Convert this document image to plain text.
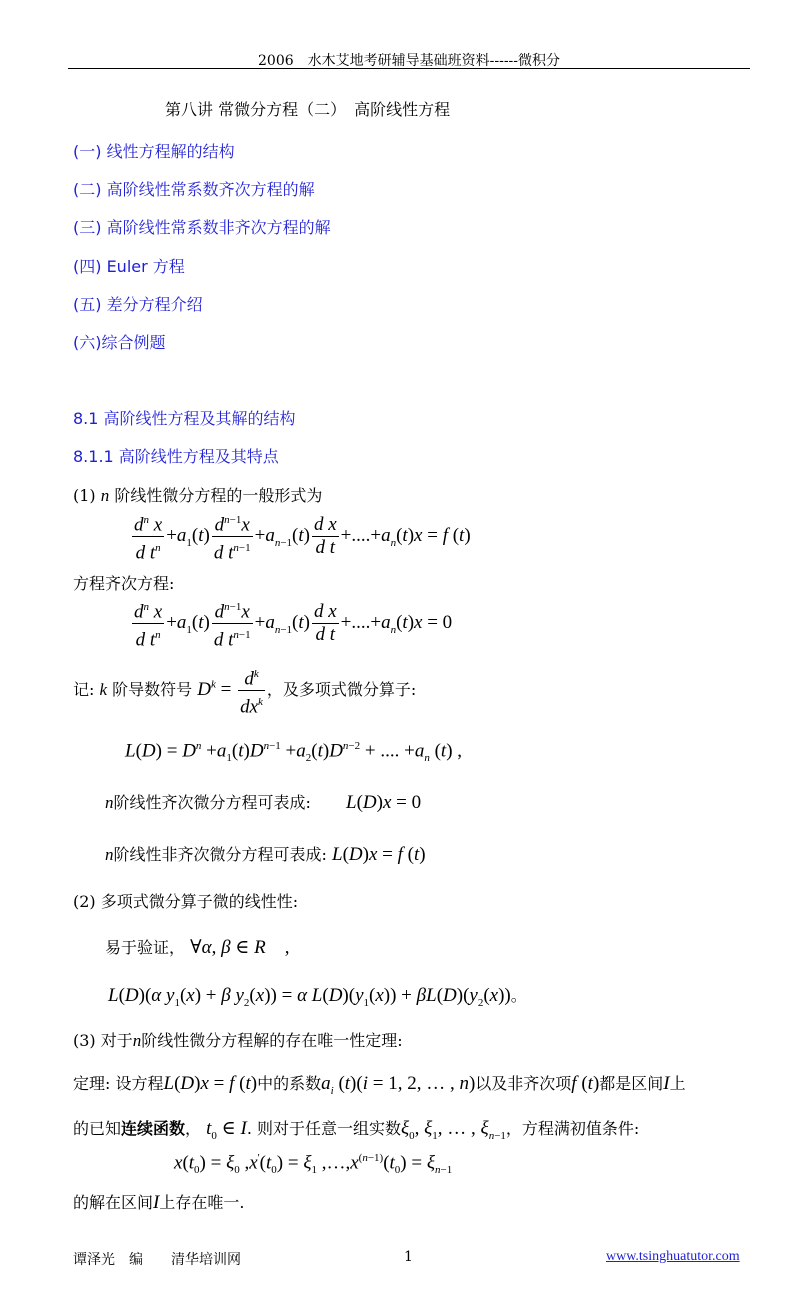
2006　水木艾地考研辅导基础班资料------微积分
第八讲 常微分方程（二）　高阶线性方程
(一) 线性方程解的结构
(二) 高阶线性常系数齐次方程的解
(三) 高阶线性常系数非齐次方程的解
(四) Euler 方程
(五) 差分方程介绍
(六)综合例题
8.1 高阶线性方程及其解的结构
8.1.1 高阶线性方程及其特点
(1) n 阶线性微分方程的一般形式为
$\frac{d^n x}{d t^n} +a_1(t) \frac{d^{n-1}x}{d t^{n-1}} +a_{n-1}(t) \frac{\text{d x}}{\text{d t}} +....+a_n(t)x = f$ (t)
方程齐次方程:
$\frac{d^n x}{d t^n} +a_1(t) \frac{d^{n-1}x}{d t^{n-1}} +a_{n-1}(t) \frac{\text{d x}}{\text{d t}} +....+a_n(t)x = 0$
记: k 阶导数符号 $D^k = \frac{d^k}{dx^k}$ ，及多项式微分算子:
$L(D) = D^n +a_1(t)D^{n-1} +a_2(t)D^{n-2}$ + .... $+a_n$ (t) ,
n阶线性齐次微分方程可表成: L(D)x = 0
n阶线性非齐次微分方程可表成: L(D)x = f (t)
(2) 多项式微分算子微的线性性:
易于验证， ∀α, β ∈ R　,
L(D)(α $y_1(x) + \beta$ $y_2(x)) = \alpha$ $L(D)(y_1(x)) + \beta L(D)(y_2(x))$。
(3) 对于n阶线性微分方程解的存在唯一性定理:
定理: 设方程L(D)x = f (t)中的系数$a_i$ (t)(i = 1, 2, … , n)以及非齐次项f (t)都是区间I上
的已知连续函数， $t_0$ ∈ I. 则对于任意一组实数$\xi_0$, $\xi_1$, … , $\xi_{n-1}$，方程满初值条件:
$x(t_0) = \xi_0$ $,x'(t_0) = \xi_1$ $,\dots,x^{(n-1)}(t_0) = \xi_{n-1}$
的解在区间I上存在唯一.
谭泽光　编　　清华培训网	1	www.tsinghuatutor.com
